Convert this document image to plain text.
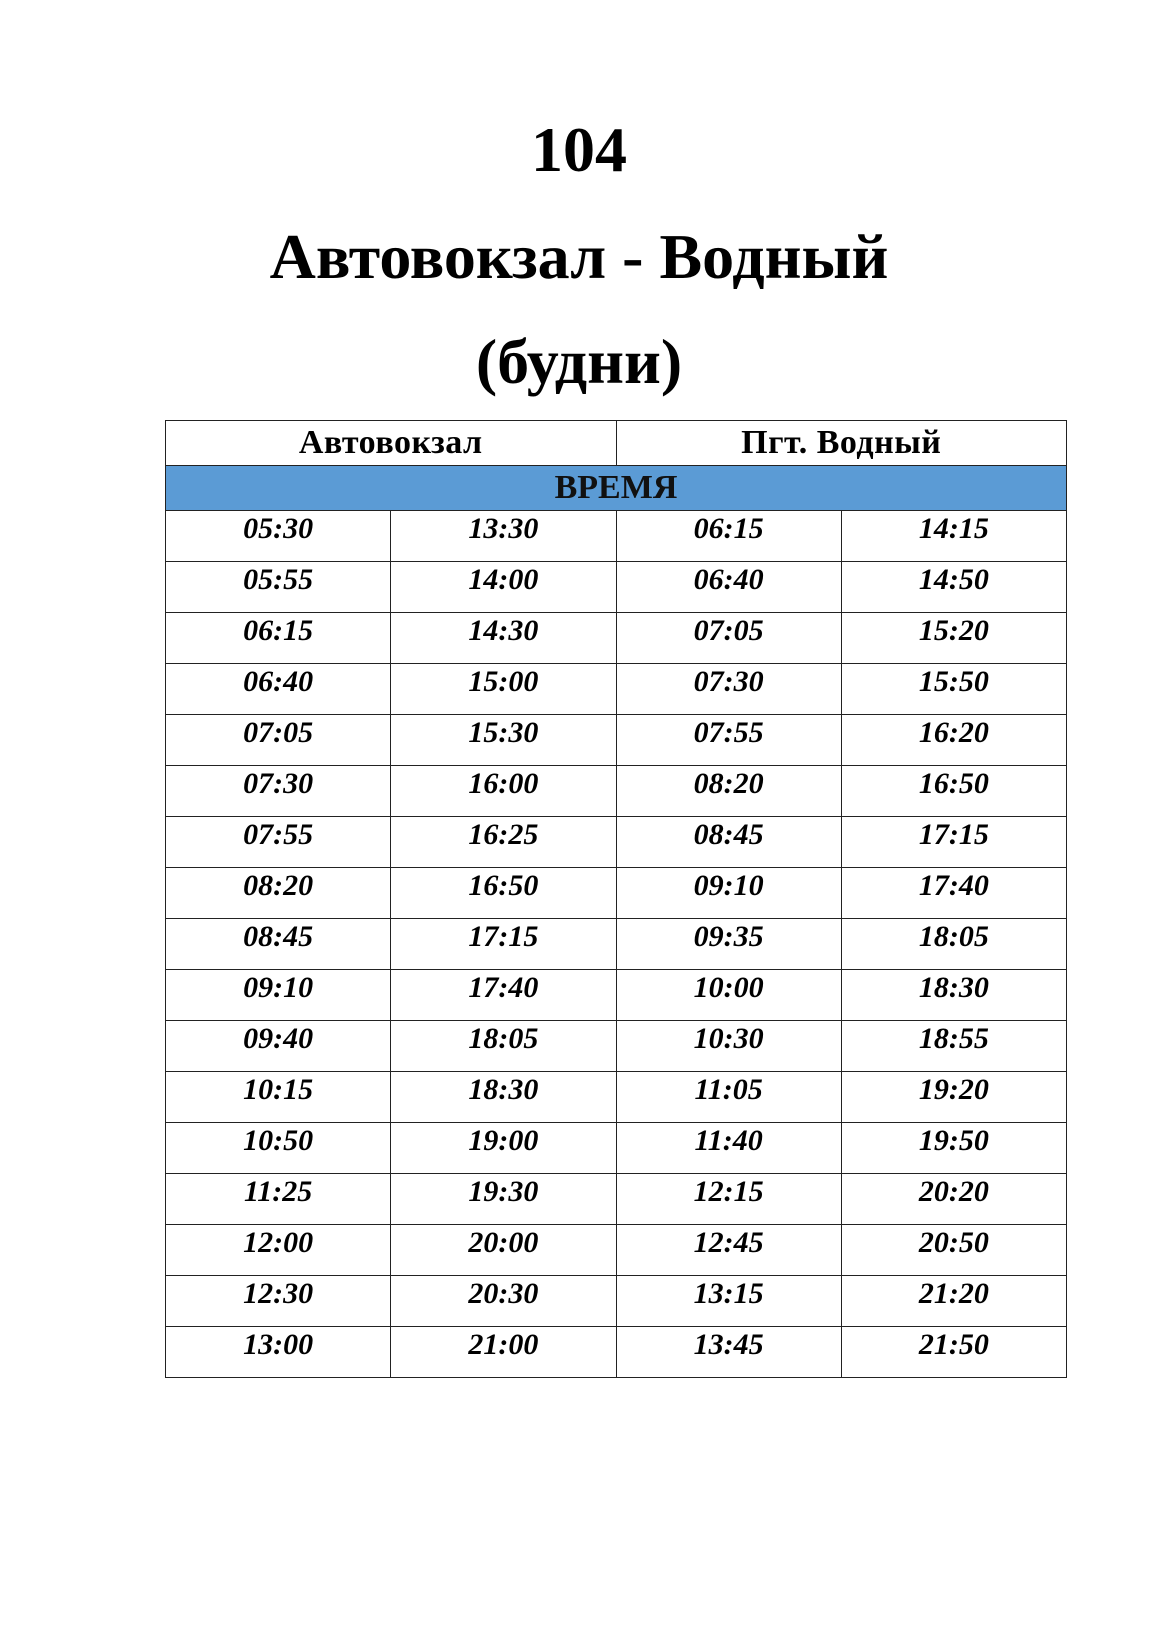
104
Автовокзал - Водный
(будни)
Автовокзал		Пгт. Водный	
ВРЕМЯ			
05:30	13:30	06:15	14:15
05:55	14:00	06:40	14:50
06:15	14:30	07:05	15:20
06:40	15:00	07:30	15:50
07:05	15:30	07:55	16:20
07:30	16:00	08:20	16:50
07:55	16:25	08:45	17:15
08:20	16:50	09:10	17:40
08:45	17:15	09:35	18:05
09:10	17:40	10:00	18:30
09:40	18:05	10:30	18:55
10:15	18:30	11:05	19:20
10:50	19:00	11:40	19:50
11:25	19:30	12:15	20:20
12:00	20:00	12:45	20:50
12:30	20:30	13:15	21:20
13:00	21:00	13:45	21:50
